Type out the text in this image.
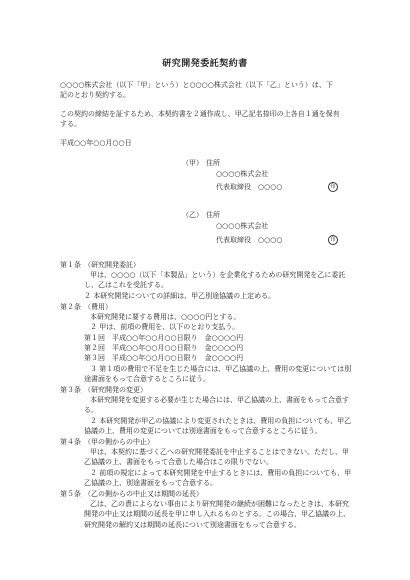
研究開発委託契約書
○○○○株式会社（以下「甲」という）と○○○○株式会社（以下「乙」という）は、下
記のとおり契約する。
この契約の締結を証するため、本契約書を２通作成し、甲乙記名捺印の上各自１通を保有
する。
平成○○年○○月○○日
（甲） 住所
○○○○株式会社
代表取締役　○○○○	印
（乙） 住所
○○○○株式会社
代表取締役　○○○○	印
第１条 （研究開発委託）
甲は、○○○○（以下「本製品」という）を企業化するための研究開発を乙に委託
し、乙はこれを受託する。
２ 本研究開発についての詳細は、甲乙別途協議の上定める。
第２条 （費用）
本研究開発に要する費用は、○○○○円とする。
２ 甲は、前項の費用を、以下のとおり支払う。
第１回　平成○○年○○月○○日限り　金○○○○円
第２回　平成○○年○○月○○日限り　金○○○○円
第３回　平成○○年○○月○○日限り　金○○○○円
３ 第１項の費用で不足を生じた場合には、甲乙協議の上、費用の変更については別
途書面をもって合意するところに従う。
第３条 （研究開発の変更）
本研究開発を変更する必要が生じた場合には、甲乙協議の上、書面をもって合意す
る。
２ 本研究開発が甲乙の協議により変更されたときは、費用の負担についても、甲乙
協議の上、費用の変更については別途書面をもって合意するところに従う。
第４条 （甲の側からの中止）
甲は、本契約に基づく乙への研究開発委託を中止することはできない。ただし、甲
乙協議の上、書面をもって合意した場合はこの限りでない。
２ 前項の規定によって本研究開発を中止するときには、費用の負担についても、甲
乙協議の上、別途書面をもって合意する。
第５条 （乙の側からの中止又は期間の延長）
乙は、乙の責によらない事由により研究開発の継続が困難になったときは、本研究
開発の中止又は期間の延長を甲に申し入れるものとする。この場合、甲乙協議の上、
研究開発の解約又は期間の延長について別途書面をもって合意する。
